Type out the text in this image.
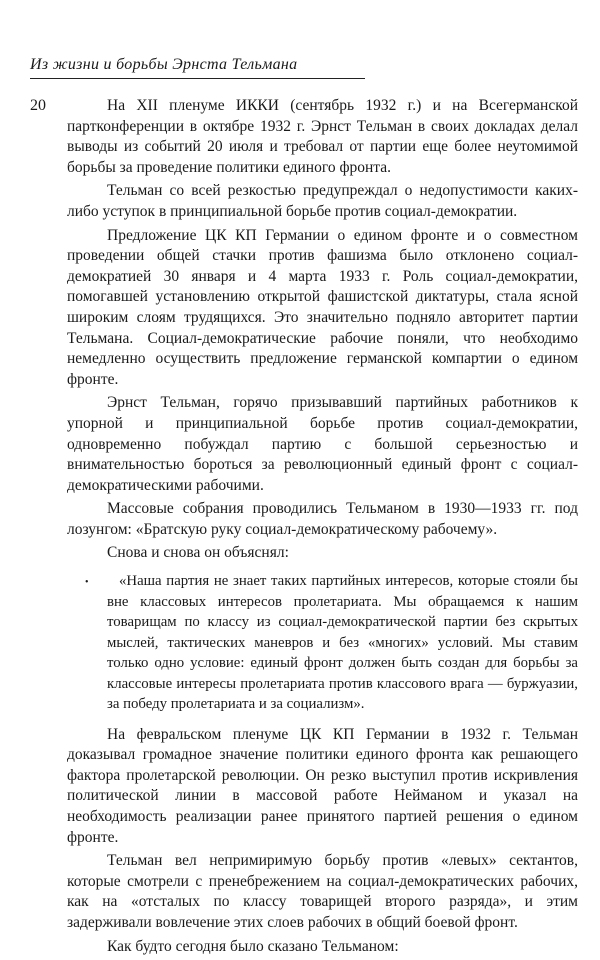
Из жизни и борьбы Эрнста Тельмана
20	На XII пленуме ИККИ (сентябрь 1932 г.) и на Всегерманской партконференции в октябре 1932 г. Эрнст Тельман в своих докладах делал выводы из событий 20 июля и требовал от партии еще более неутомимой борьбы за проведение политики единого фронта.

Тельман со всей резкостью предупреждал о недопустимости каких-либо уступок в принципиальной борьбе против социал-демократии.

Предложение ЦК КП Германии о едином фронте и о совместном проведении общей стачки против фашизма было отклонено социал-демократией 30 января и 4 марта 1933 г. Роль социал-демократии, помогавшей установлению открытой фашистской диктатуры, стала ясной широким слоям трудящихся. Это значительно подняло авторитет партии Тельмана. Социал-демократические рабочие поняли, что необходимо немедленно осуществить предложение германской компартии о едином фронте.

Эрнст Тельман, горячо призывавший партийных работников к упорной и принципиальной борьбе против социал-демократии, одновременно побуждал партию с большой серьезностью и внимательностью бороться за революционный единый фронт с социал-демократическими рабочими.

Массовые собрания проводились Тельманом в 1930—1933 гг. под лозунгом: «Братскую руку социал-демократическому рабочему».

Снова и снова он объяснял:

«Наша партия не знает таких партийных интересов, которые стояли бы вне классовых интересов пролетариата. Мы обращаемся к нашим товарищам по классу из социал-демократической партии без скрытых мыслей, тактических маневров и без «многих» условий. Мы ставим только одно условие: единый фронт должен быть создан для борьбы за классовые интересы пролетариата против классового врага — буржуазии, за победу пролетариата и за социализм».

На февральском пленуме ЦК КП Германии в 1932 г. Тельман доказывал громадное значение политики единого фронта как решающего фактора пролетарской революции. Он резко выступил против искривления политической линии в массовой работе Нейманом и указал на необходимость реализации ранее принятого партией решения о едином фронте.

Тельман вел непримиримую борьбу против «левых» сектантов, которые смотрели с пренебрежением на социал-демократических рабочих, как на «отсталых по классу товарищей второго разряда», и этим задерживали вовлечение этих слоев рабочих в общий боевой фронт.

Как будто сегодня было сказано Тельманом:

•
